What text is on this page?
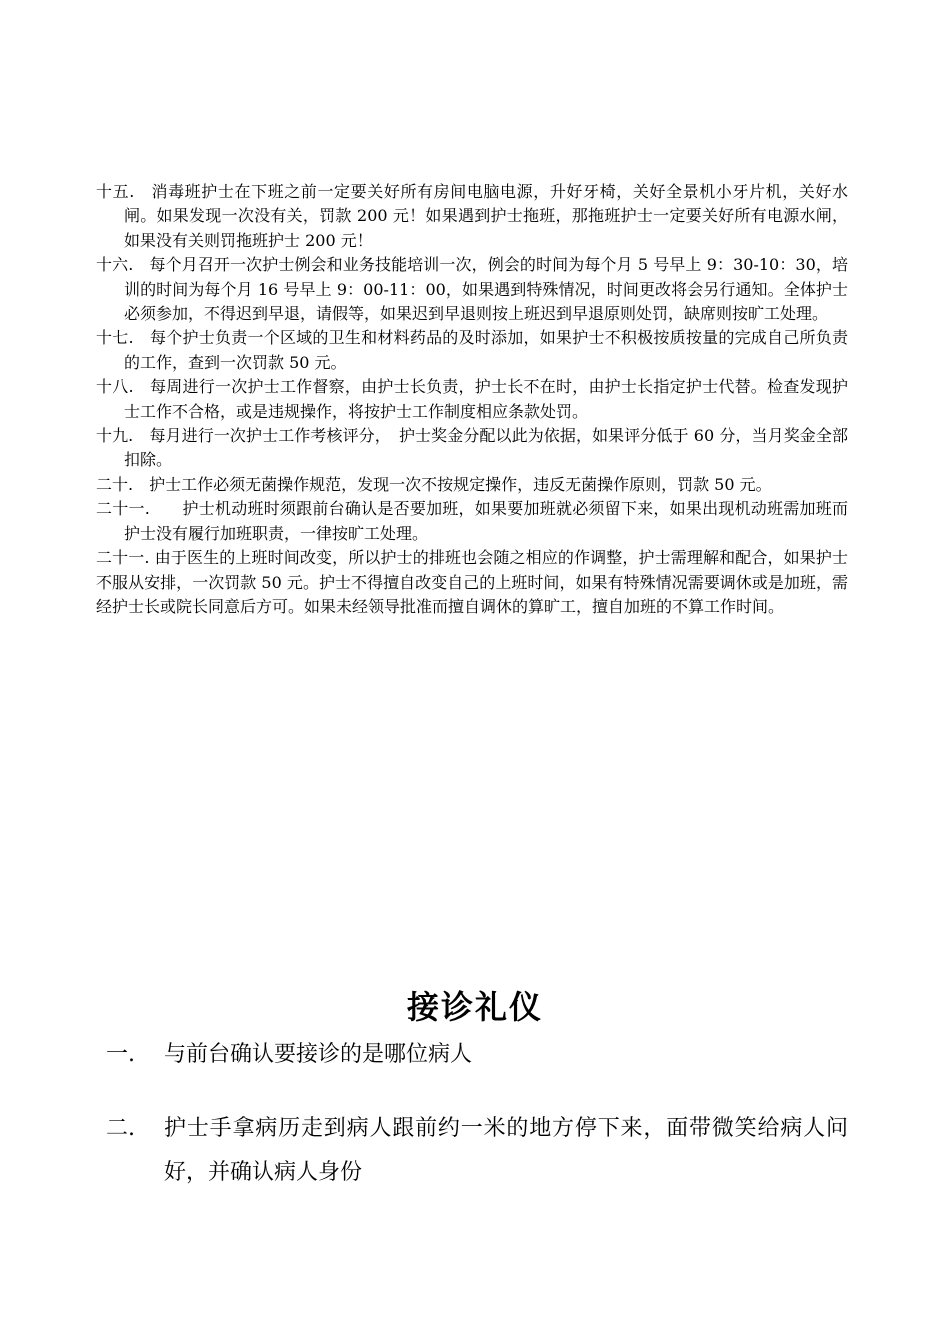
十五.　消毒班护士在下班之前一定要关好所有房间电脑电源，升好牙椅，关好全景机小牙片机，关好水闸。如果发现一次没有关，罚款 200 元！如果遇到护士拖班，那拖班护士一定要关好所有电源水闸，如果没有关则罚拖班护士 200 元！
十六.　每个月召开一次护士例会和业务技能培训一次，例会的时间为每个月 5 号早上 9：30-10：30，培训的时间为每个月 16 号早上 9：00-11：00，如果遇到特殊情况，时间更改将会另行通知。全体护士必须参加，不得迟到早退，请假等，如果迟到早退则按上班迟到早退原则处罚，缺席则按旷工处理。
十七.　每个护士负责一个区域的卫生和材料药品的及时添加，如果护士不积极按质按量的完成自己所负责的工作，查到一次罚款 50 元。
十八.　每周进行一次护士工作督察，由护士长负责，护士长不在时，由护士长指定护士代替。检查发现护士工作不合格，或是违规操作，将按护士工作制度相应条款处罚。
十九.　每月进行一次护士工作考核评分，　护士奖金分配以此为依据，如果评分低于 60 分，当月奖金全部扣除。
二十.　护士工作必须无菌操作规范，发现一次不按规定操作，违反无菌操作原则，罚款 50 元。
二十一.　　护士机动班时须跟前台确认是否要加班，如果要加班就必须留下来，如果出现机动班需加班而护士没有履行加班职责，一律按旷工处理。
二十一. 由于医生的上班时间改变，所以护士的排班也会随之相应的作调整，护士需理解和配合，如果护士不服从安排，一次罚款 50 元。护士不得擅自改变自己的上班时间，如果有特殊情况需要调休或是加班，需经护士长或院长同意后方可。如果未经领导批准而擅自调休的算旷工，擅自加班的不算工作时间。
接诊礼仪
一.	与前台确认要接诊的是哪位病人
二.	护士手拿病历走到病人跟前约一米的地方停下来，面带微笑给病人问好，并确认病人身份
